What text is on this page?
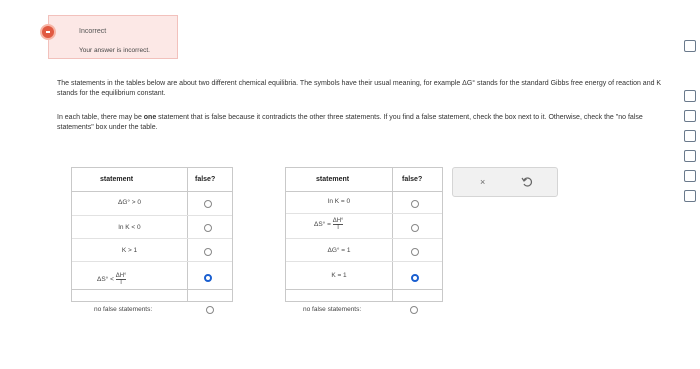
Incorrect
Your answer is incorrect.
The statements in the tables below are about two different chemical equilibria. The symbols have their usual meaning, for example ΔG° stands for the standard Gibbs free energy of reaction and K stands for the equilibrium constant.
In each table, there may be one statement that is false because it contradicts the other three statements. If you find a false statement, check the box next to it. Otherwise, check the "no false statements" box under the table.
statement	false?
ΔG° > 0
ln K < 0
K > 1
$\Delta S^\circ < \frac{\Delta H^\circ}{T}$
no false statements:
statement	false?
ln K = 0
$\Delta S^\circ = \frac{\Delta H^\circ}{T}$
ΔG° = 1
K = 1
no false statements:
×
